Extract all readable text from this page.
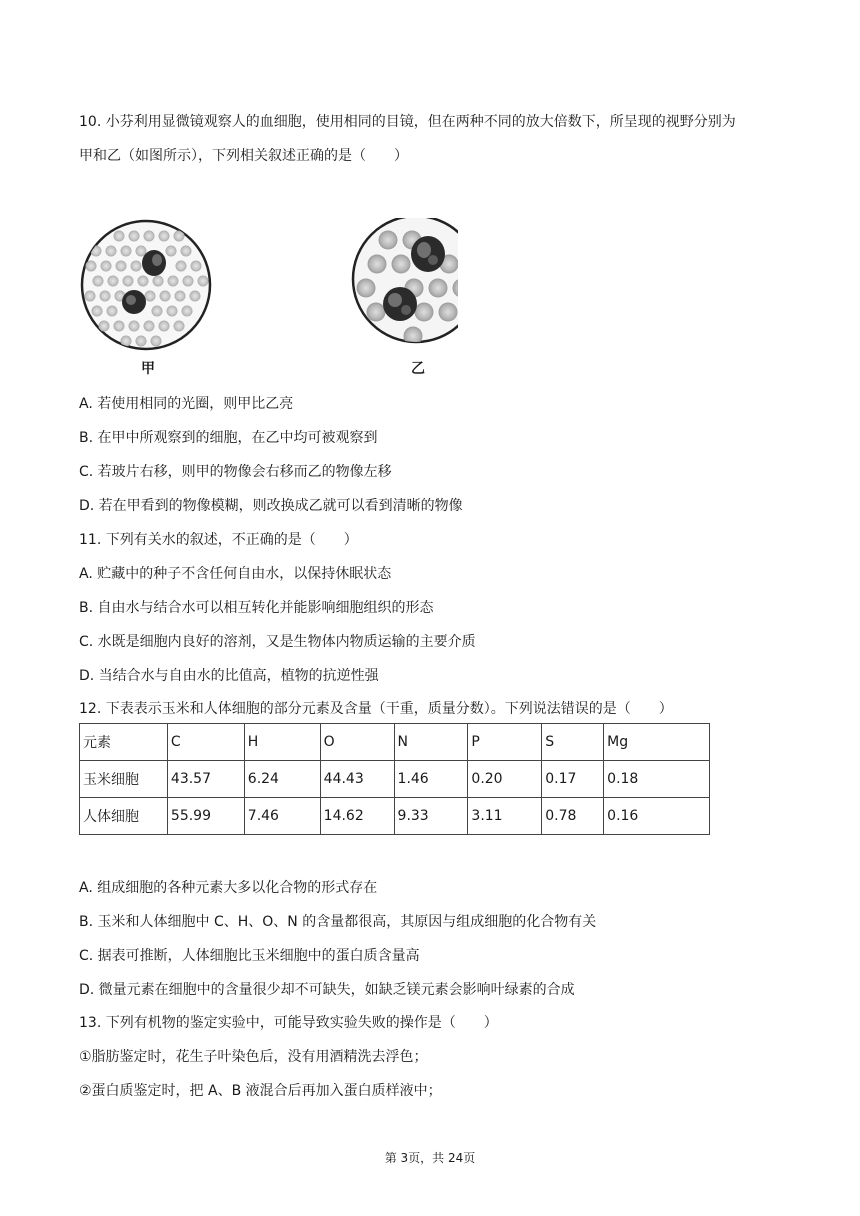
10. 小芬利用显微镜观察人的血细胞，使用相同的目镜，但在两种不同的放大倍数下，所呈现的视野分别为
甲和乙（如图所示），下列相关叙述正确的是（　　）
甲	乙
A. 若使用相同的光圈，则甲比乙亮
B. 在甲中所观察到的细胞，在乙中均可被观察到
C. 若玻片右移，则甲的物像会右移而乙的物像左移
D. 若在甲看到的物像模糊，则改换成乙就可以看到清晰的物像
11. 下列有关水的叙述，不正确的是（　　）
A. 贮藏中的种子不含任何自由水，以保持休眠状态
B. 自由水与结合水可以相互转化并能影响细胞组织的形态
C. 水既是细胞内良好的溶剂，又是生物体内物质运输的主要介质
D. 当结合水与自由水的比值高，植物的抗逆性强
12. 下表表示玉米和人体细胞的部分元素及含量（干重，质量分数）。下列说法错误的是（　　）
元素	C	H	O	N	P	S	Mg
玉米细胞	43.57	6.24	44.43	1.46	0.20	0.17	0.18
人体细胞	55.99	7.46	14.62	9.33	3.11	0.78	0.16
A. 组成细胞的各种元素大多以化合物的形式存在
B. 玉米和人体细胞中 C、H、O、N 的含量都很高，其原因与组成细胞的化合物有关
C. 据表可推断，人体细胞比玉米细胞中的蛋白质含量高
D. 微量元素在细胞中的含量很少却不可缺失，如缺乏镁元素会影响叶绿素的合成
13. 下列有机物的鉴定实验中，可能导致实验失败的操作是（　　）
①脂肪鉴定时，花生子叶染色后，没有用酒精洗去浮色；
②蛋白质鉴定时，把 A、B 液混合后再加入蛋白质样液中；
第 3页，共 24页
